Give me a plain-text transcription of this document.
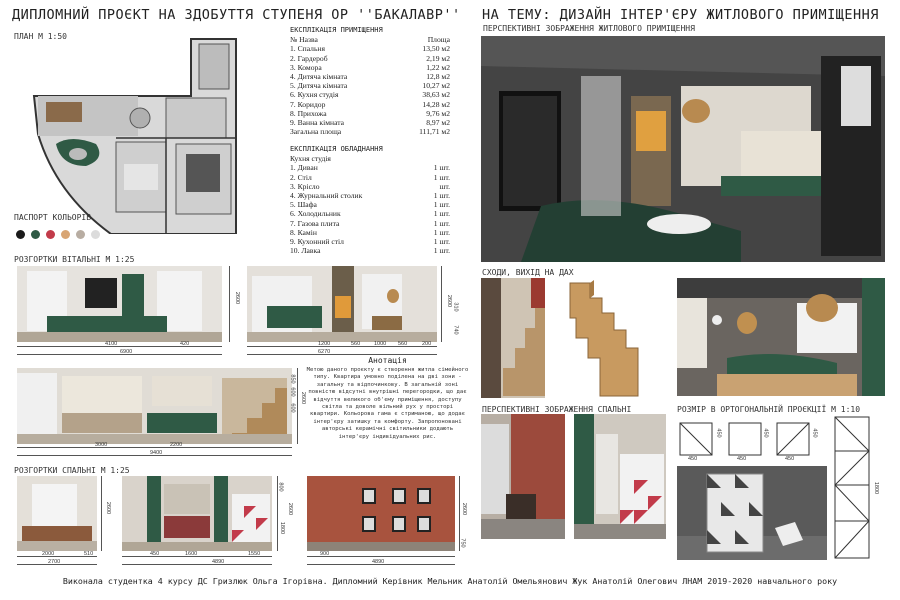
ДИПЛОМНИЙ ПРОЄКТ НА ЗДОБУТТЯ СТУПЕНЯ ОР ''БАКАЛАВР'' НА ТЕМУ: ДИЗАЙН ІНТЕР'ЄРУ ЖИТЛОВОГО ПРИМІЩЕННЯ
ПЛАН М 1:50
ПАСПОРТ КОЛЬОРІВ
ЕКСПЛІКАЦІЯ ПРИМІЩЕННЯ
№ Назва	Площа
1. Спальня	13,50 м2
2. Гардероб	2,19 м2
3. Комора	1,22 м2
4. Дитяча кімната	12,8 м2
5. Дитяча кімната	10,27 м2
6. Кухня студія	38,63 м2
7. Коридор	14,28 м2
8. Прихожа	9,76 м2
9. Ванна кімната	8,97 м2
Загальна площа	111,71 м2
ЕКСПЛІКАЦІЯ ОБЛАДНАННЯ
Кухня студія
1. Диван	1 шт.
2. Стіл	1 шт.
3. Крісло	шт.
4. Журнальний столик	1 шт.
5. Шафа	1 шт.
6. Холодильник	1 шт.
7. Газова плита	1 шт.
8. Камін	1 шт.
9. Кухонний стіл	1 шт.
10. Лавка	1 шт.
ПЕРСПЕКТИВНІ ЗОБРАЖЕННЯ ЖИТЛОВОГО ПРИМІЩЕННЯ
РОЗГОРТКИ ВІТАЛЬНІ М 1:25
2600
4100	420
6900
2600 310
740
1200	560	1000 560	200
6270
2600
850
600
600
3000	2200
9400
Анотація
Метою даного проєкту є створення житла сімейного типу. Квартира умовно поділена на дві зони - загальну та відпочинкову. В загальній зоні повністю відсутні внутрішні перегородки, що дає відчуття великого об'єму приміщення, доступу світла та доволе вільний рух у просторі квартири. Кольорова гама є стриманою, що додає інтер'єру затишку та комфорту. Запропоновані авторські керамічні світильники додають інтер'єру індивідуальних рис.
СХОДИ, ВИХІД НА ДАХ
ПЕРСПЕКТИВНІ ЗОБРАЖЕННЯ СПАЛЬНІ	РОЗМІР В ОРТОГОНАЛЬНІЙ ПРОЄКЦІЇ М 1:10
450	450	450
450	450	450
1800
РОЗГОРТКИ СПАЛЬНІ М 1:25
2600
2000	510
2700
800
2600
1800
450	1600	1550
4890
2600
750
900
4890
Виконала студентка 4 курсу ДС Гризлюк Ольга Ігорівна. Дипломний Керівник Мельник Анатолій Омельянович Жук Анатолій Олегович ЛНАМ 2019-2020 навчального року
